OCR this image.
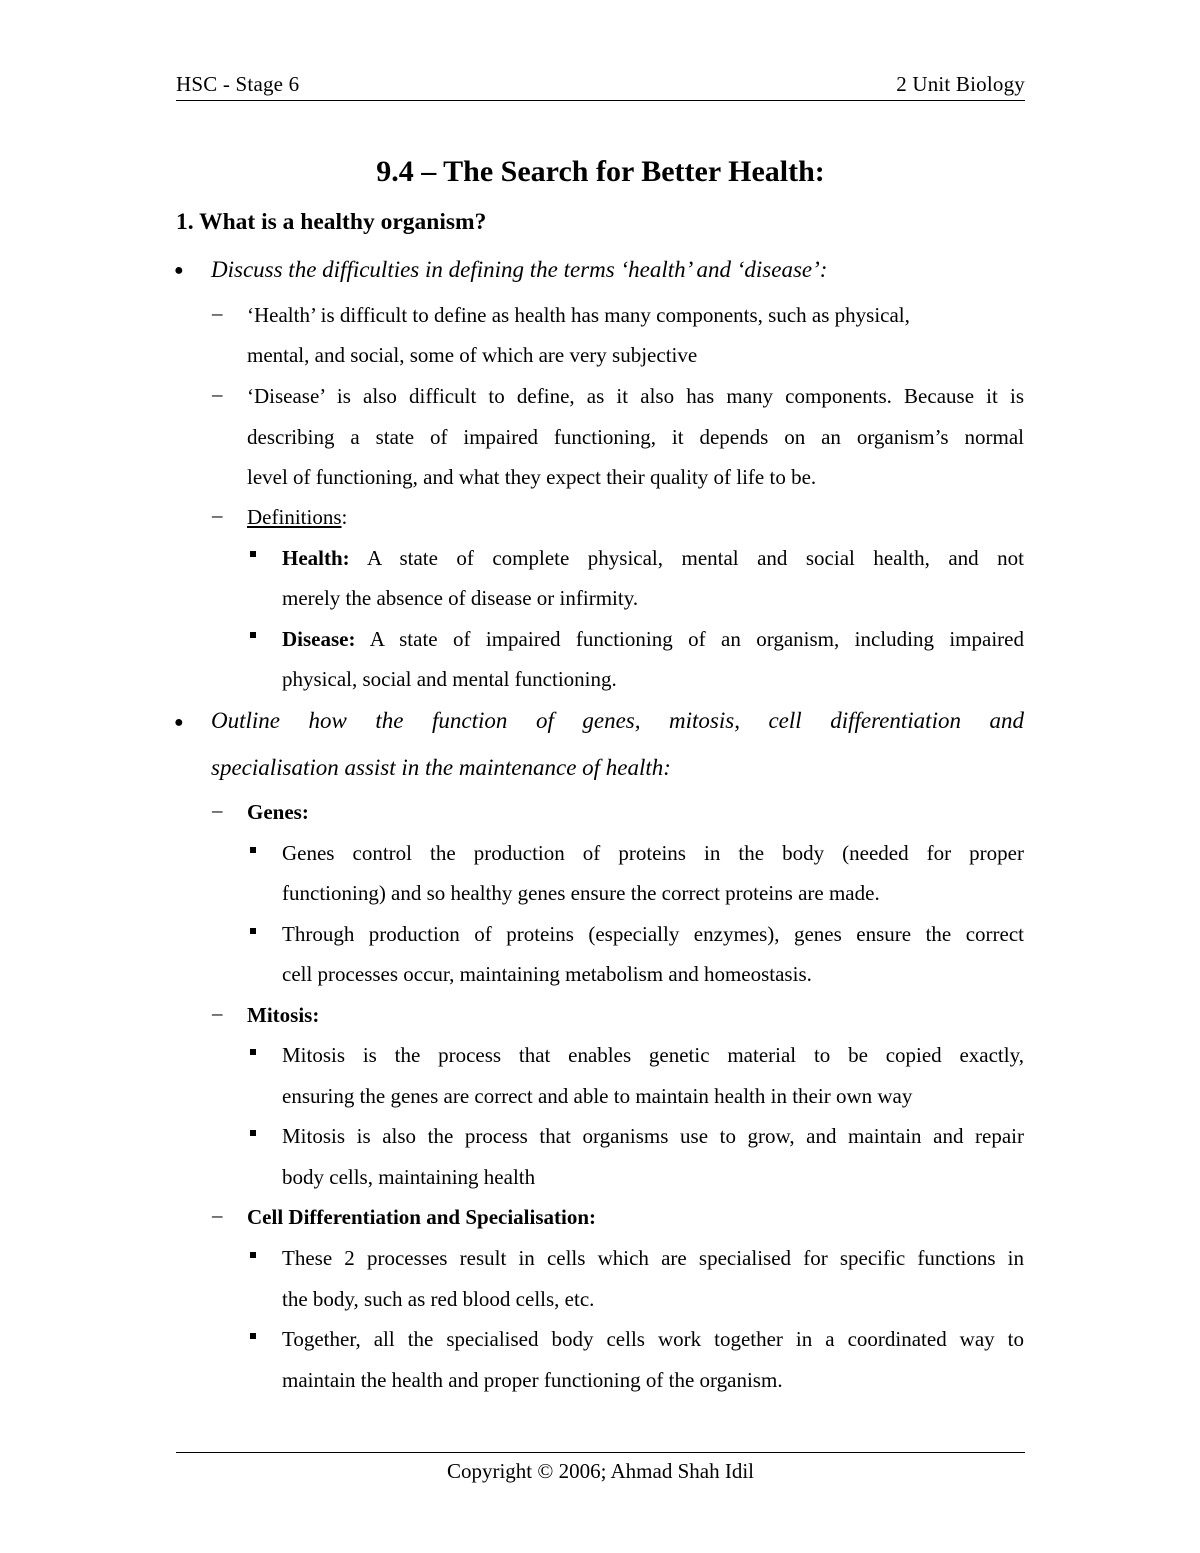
HSC - Stage 6	2 Unit Biology
9.4 – The Search for Better Health:
1. What is a healthy organism?
● Discuss the difficulties in defining the terms ‘health’ and ‘disease’:
– ‘Health’ is difficult to define as health has many components, such as physical,
mental, and social, some of which are very subjective
– ‘Disease’ is also difficult to define, as it also has many components. Because it is
describing a state of impaired functioning, it depends on an organism’s normal
level of functioning, and what they expect their quality of life to be.
– Definitions:
Health: A state of complete physical, mental and social health, and not
merely the absence of disease or infirmity.
Disease: A state of impaired functioning of an organism, including impaired
physical, social and mental functioning.
● Outline how the function of genes, mitosis, cell differentiation and
specialisation assist in the maintenance of health:
– Genes:
Genes control the production of proteins in the body (needed for proper
functioning) and so healthy genes ensure the correct proteins are made.
Through production of proteins (especially enzymes), genes ensure the correct
cell processes occur, maintaining metabolism and homeostasis.
– Mitosis:
Mitosis is the process that enables genetic material to be copied exactly,
ensuring the genes are correct and able to maintain health in their own way
Mitosis is also the process that organisms use to grow, and maintain and repair
body cells, maintaining health
– Cell Differentiation and Specialisation:
These 2 processes result in cells which are specialised for specific functions in
the body, such as red blood cells, etc.
Together, all the specialised body cells work together in a coordinated way to
maintain the health and proper functioning of the organism.
Copyright © 2006; Ahmad Shah Idil
